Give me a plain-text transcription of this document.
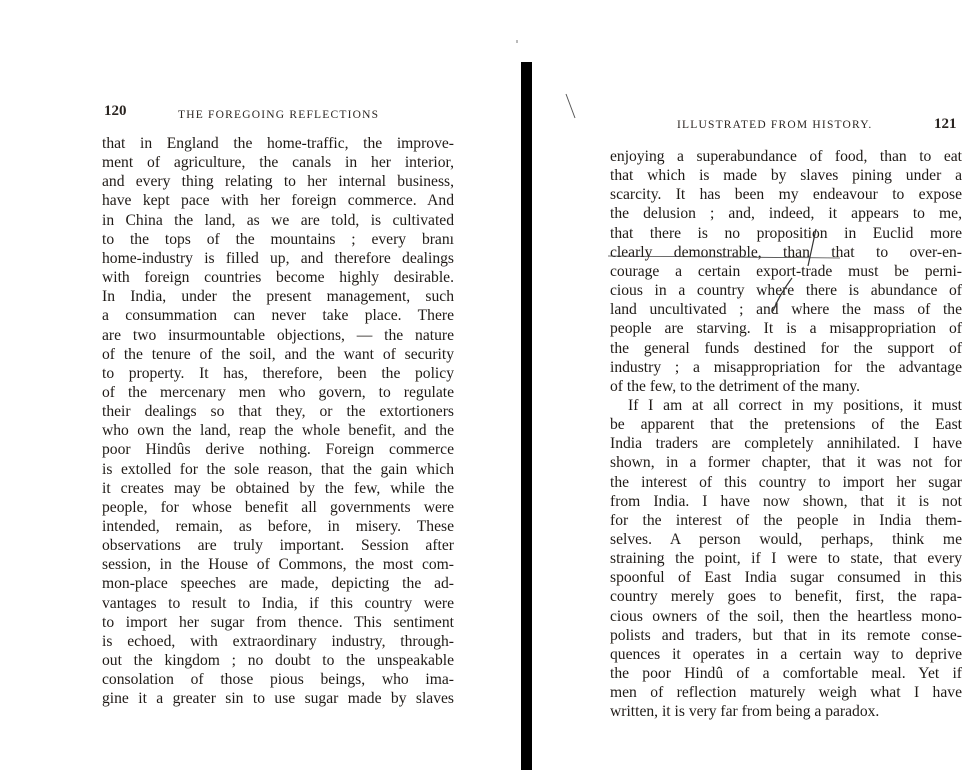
120	THE FOREGOING REFLECTIONS
that in England the home-traffic, the improve-
ment of agriculture, the canals in her interior,
and every thing relating to her internal business,
have kept pace with her foreign commerce. And
in China the land, as we are told, is cultivated
to the tops of the mountains ; every branı
home-industry is filled up, and therefore dealings
with foreign countries become highly desirable.
In India, under the present management, such
a consummation can never take place. There
are two insurmountable objections, — the nature
of the tenure of the soil, and the want of security
to property. It has, therefore, been the policy
of the mercenary men who govern, to regulate
their dealings so that they, or the extortioners
who own the land, reap the whole benefit, and the
poor Hindûs derive nothing. Foreign commerce
is extolled for the sole reason, that the gain which
it creates may be obtained by the few, while the
people, for whose benefit all governments were
intended, remain, as before, in misery. These
observations are truly important. Session after
session, in the House of Commons, the most com-
mon-place speeches are made, depicting the ad-
vantages to result to India, if this country were
to import her sugar from thence. This sentiment
is echoed, with extraordinary industry, through-
out the kingdom ; no doubt to the unspeakable
consolation of those pious beings, who ima-
gine it a greater sin to use sugar made by slaves
ILLUSTRATED FROM HISTORY.	121
enjoying a superabundance of food, than to eat
that which is made by slaves pining under a
scarcity. It has been my endeavour to expose
the delusion ; and, indeed, it appears to me,
that there is no proposition in Euclid more
clearly demonstrable, than that to over-en-
courage a certain export-trade must be perni-
cious in a country where there is abundance of
land uncultivated ; and where the mass of the
people are starving. It is a misappropriation of
the general funds destined for the support of
industry ; a misappropriation for the advantage
of the few, to the detriment of the many.
If I am at all correct in my positions, it must
be apparent that the pretensions of the East
India traders are completely annihilated. I have
shown, in a former chapter, that it was not for
the interest of this country to import her sugar
from India. I have now shown, that it is not
for the interest of the people in India them-
selves. A person would, perhaps, think me
straining the point, if I were to state, that every
spoonful of East India sugar consumed in this
country merely goes to benefit, first, the rapa-
cious owners of the soil, then the heartless mono-
polists and traders, but that in its remote conse-
quences it operates in a certain way to deprive
the poor Hindû of a comfortable meal. Yet if
men of reflection maturely weigh what I have
written, it is very far from being a paradox.
